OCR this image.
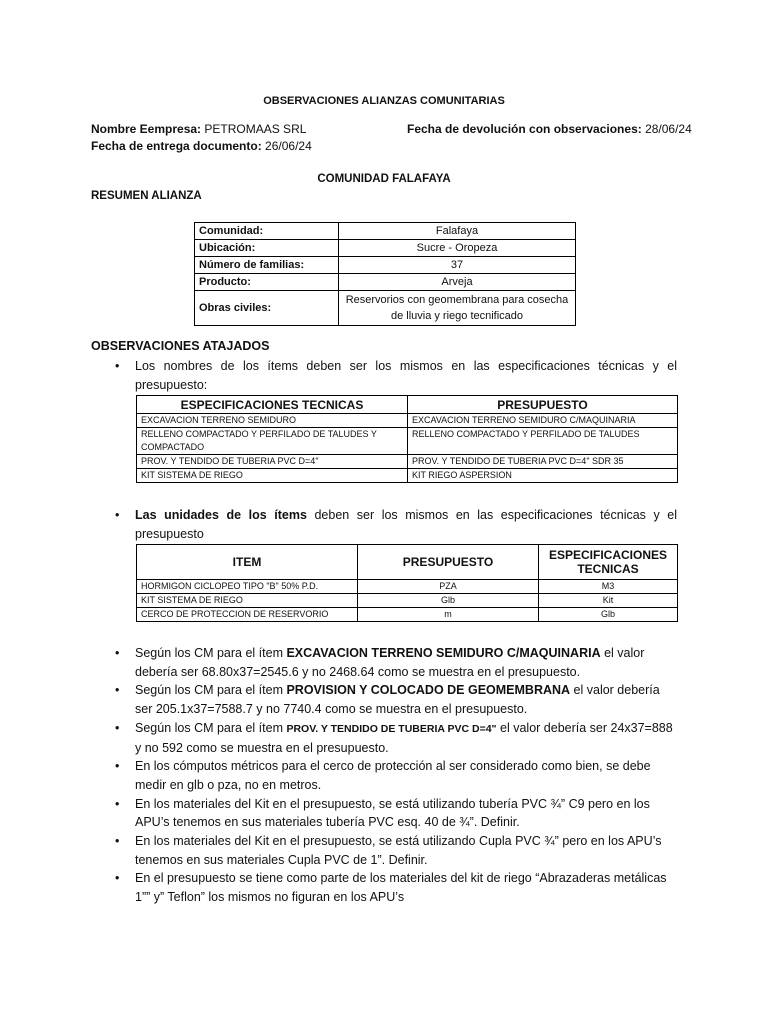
OBSERVACIONES ALIANZAS COMUNITARIAS
Nombre Eempresa: PETROMAAS SRL	Fecha de devolución con observaciones: 28/06/24
Fecha de entrega documento: 26/06/24
COMUNIDAD FALAFAYA
RESUMEN ALIANZA
Comunidad:	Falafaya
Ubicación:	Sucre - Oropeza
Número de familias:	37
Producto:	Arveja
Obras civiles:	Reservorios con geomembrana para cosecha de lluvia y riego tecnificado
OBSERVACIONES ATAJADOS
•	Los nombres de los ítems deben ser los mismos en las especificaciones técnicas y el presupuesto:
ESPECIFICACIONES TECNICAS	PRESUPUESTO
EXCAVACION TERRENO SEMIDURO	EXCAVACION TERRENO SEMIDURO C/MAQUINARIA
RELLENO COMPACTADO Y PERFILADO DE TALUDES Y COMPACTADO	RELLENO COMPACTADO Y PERFILADO DE TALUDES
PROV. Y TENDIDO DE TUBERIA PVC D=4"	PROV. Y TENDIDO DE TUBERIA PVC D=4" SDR 35
KIT SISTEMA DE RIEGO	KIT RIEGO ASPERSION
•	Las unidades de los ítems deben ser los mismos en las especificaciones técnicas y el presupuesto
ITEM	PRESUPUESTO	ESPECIFICACIONES TECNICAS
HORMIGON CICLOPEO TIPO "B" 50% P.D.	PZA	M3
KIT SISTEMA DE RIEGO	Glb	Kit
CERCO DE PROTECCION DE RESERVORIO	m	Glb
• Según los CM para el ítem EXCAVACION TERRENO SEMIDURO C/MAQUINARIA el valor debería ser 68.80x37=2545.6 y no 2468.64 como se muestra en el presupuesto.
• Según los CM para el ítem PROVISION Y COLOCADO DE GEOMEMBRANA el valor debería ser 205.1x37=7588.7 y no 7740.4 como se muestra en el presupuesto.
• Según los CM para el ítem PROV. Y TENDIDO DE TUBERIA PVC D=4" el valor debería ser 24x37=888 y no 592 como se muestra en el presupuesto.
• En los cómputos métricos para el cerco de protección al ser considerado como bien, se debe medir en glb o pza, no en metros.
• En los materiales del Kit en el presupuesto, se está utilizando tubería PVC ¾” C9 pero en los APU’s tenemos en sus materiales tubería PVC esq. 40 de ¾”. Definir.
• En los materiales del Kit en el presupuesto, se está utilizando Cupla PVC ¾” pero en los APU’s tenemos en sus materiales Cupla PVC de 1”. Definir.
• En el presupuesto se tiene como parte de los materiales del kit de riego “Abrazaderas metálicas 1”” y” Teflon” los mismos no figuran en los APU’s
